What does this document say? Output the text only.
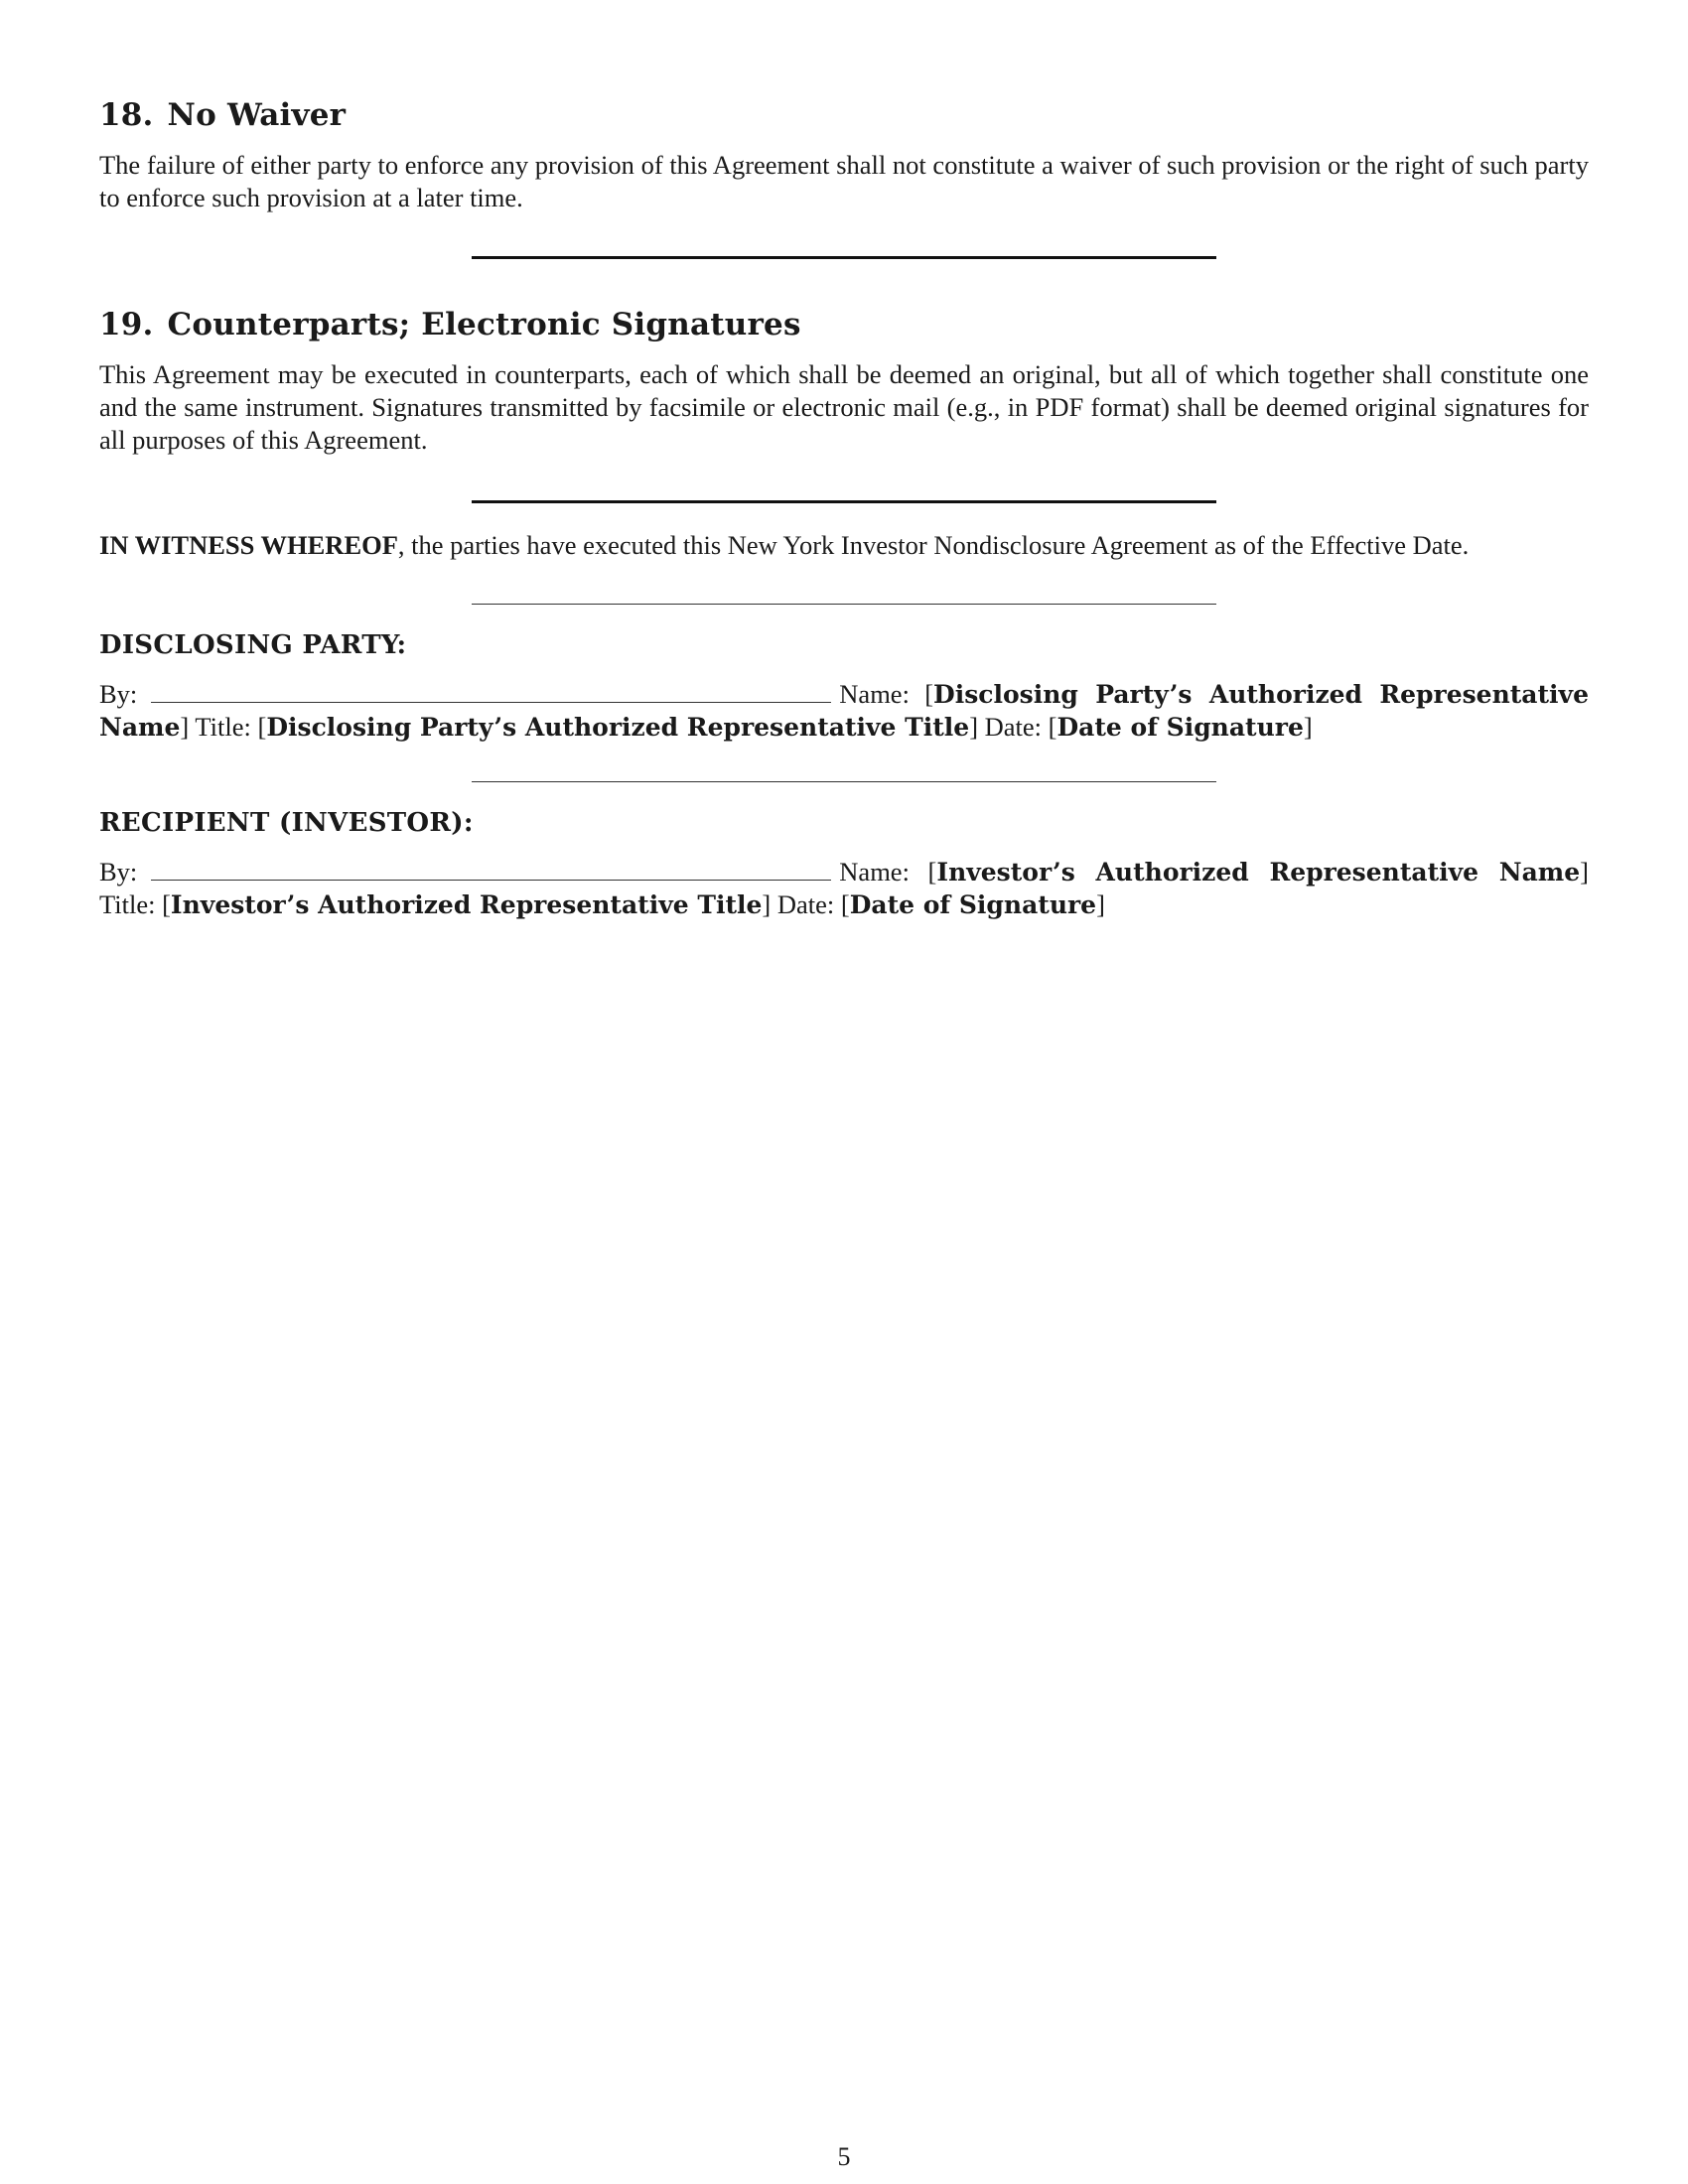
18. No Waiver

The failure of either party to enforce any provision of this Agreement shall not constitute a waiver of such provision or the right of such party to enforce such provision at a later time.

19. Counterparts; Electronic Signatures

This Agreement may be executed in counterparts, each of which shall be deemed an original, but all of which together shall constitute one and the same instrument. Signatures transmitted by facsimile or electronic mail (e.g., in PDF format) shall be deemed original signatures for all purposes of this Agreement.

IN WITNESS WHEREOF, the parties have executed this New York Investor Nondisclosure Agreement as of the Effective Date.

DISCLOSING PARTY:

By:	Name: [Disclosing Party’s Authorized Representative Name] Title: [Disclosing Party’s Authorized Representative Title] Date: [Date of Signature]

RECIPIENT (INVESTOR):

By:	Name: [Investor’s Authorized Representative Name] Title: [Investor’s Authorized Representative Title] Date: [Date of Signature]

5
